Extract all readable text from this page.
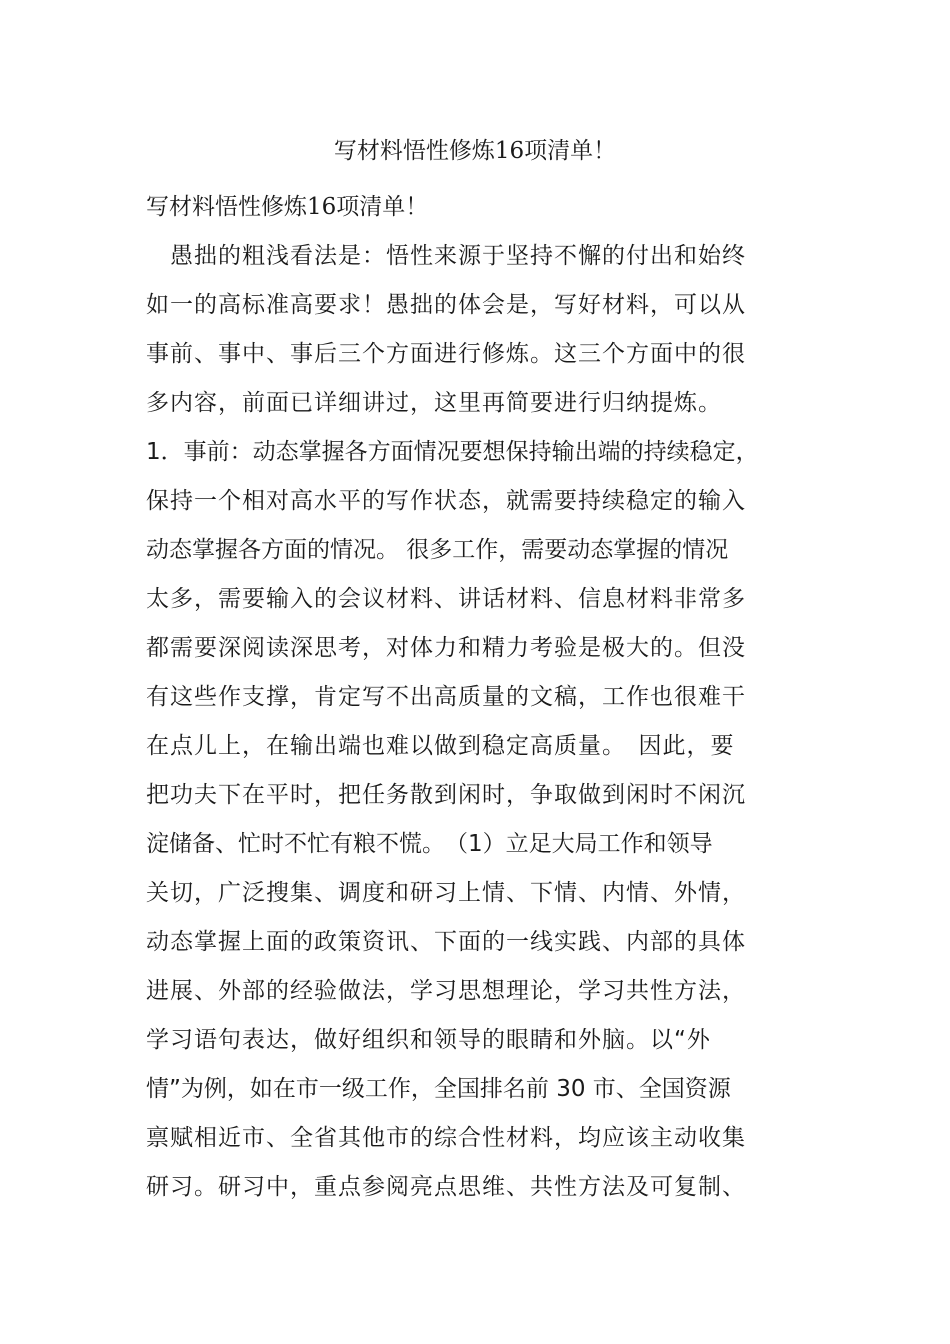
写材料悟性修炼16项清单！
写材料悟性修炼16项清单！
　愚拙的粗浅看法是：悟性来源于坚持不懈的付出和始终
如一的高标准高要求！愚拙的体会是，写好材料，可以从
事前、事中、事后三个方面进行修炼。这三个方面中的很
多内容，前面已详细讲过，这里再简要进行归纳提炼。
1．事前：动态掌握各方面情况要想保持输出端的持续稳定，
保持一个相对高水平的写作状态，就需要持续稳定的输入
动态掌握各方面的情况。 很多工作，需要动态掌握的情况
太多，需要输入的会议材料、讲话材料、信息材料非常多
都需要深阅读深思考，对体力和精力考验是极大的。但没
有这些作支撑，肯定写不出高质量的文稿，工作也很难干
在点儿上，在输出端也难以做到稳定高质量。　因此，要
把功夫下在平时，把任务散到闲时，争取做到闲时不闲沉
淀储备、忙时不忙有粮不慌。　（1）立足大局工作和领导
关切，广泛搜集、调度和研习上情、下情、内情、外情，
动态掌握上面的政策资讯、下面的一线实践、内部的具体
进展、外部的经验做法，学习思想理论，学习共性方法，
学习语句表达，做好组织和领导的眼睛和外脑。以“外
情”为例，如在市一级工作，全国排名前 30 市、全国资源
禀赋相近市、全省其他市的综合性材料，均应该主动收集
研习。研习中，重点参阅亮点思维、共性方法及可复制、
